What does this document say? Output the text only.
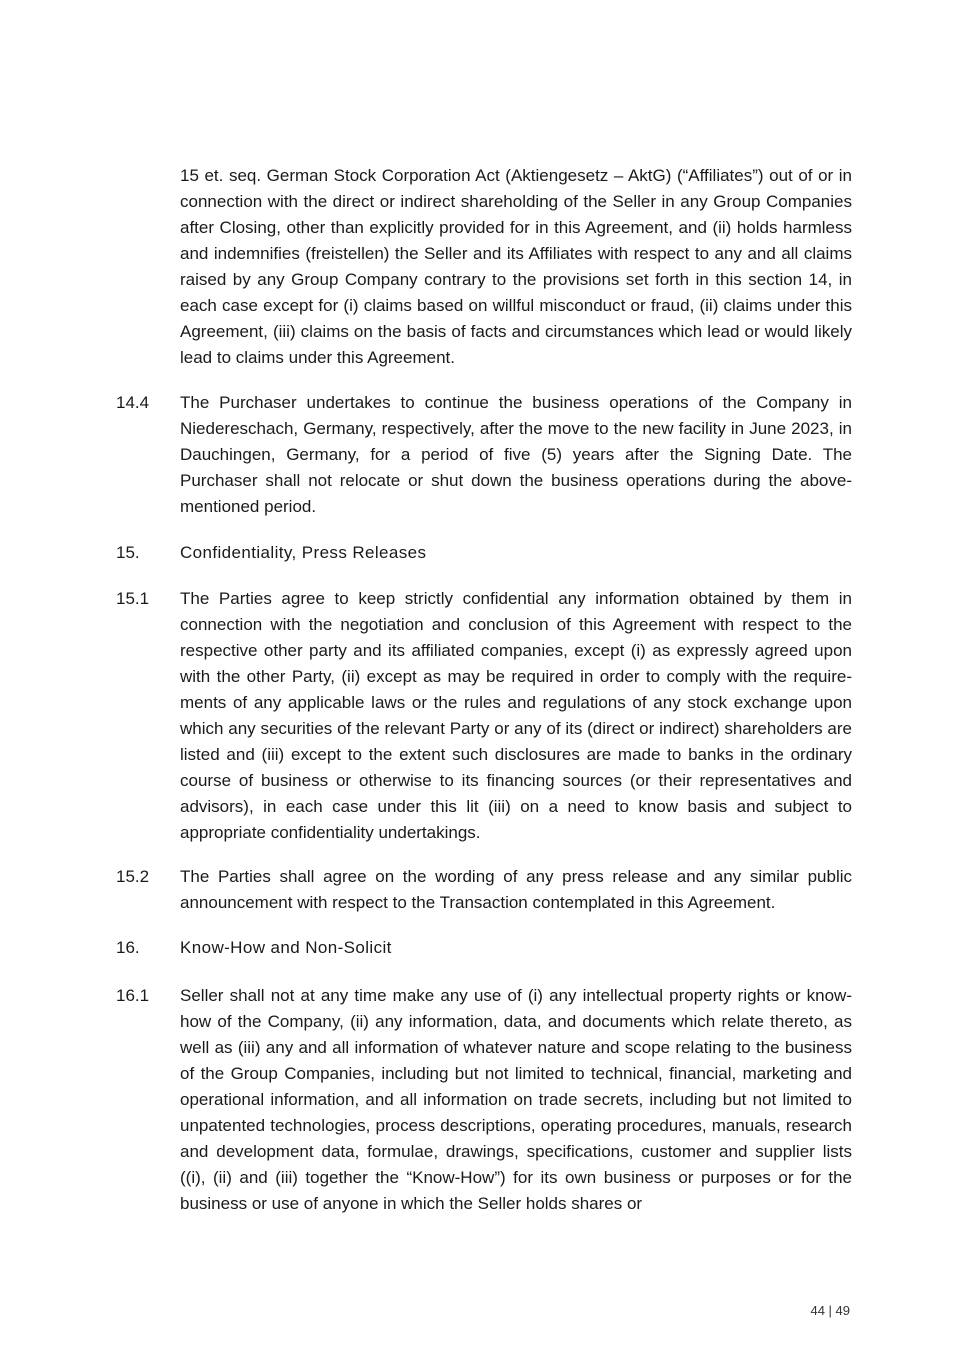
15 et. seq. German Stock Corporation Act (Aktiengesetz – AktG) (“Affiliates”) out of or in connection with the direct or indirect shareholding of the Seller in any Group Companies after Closing, other than explicitly provided for in this Agreement, and (ii) holds harmless and indemnifies (freistellen) the Seller and its Affiliates with respect to any and all claims raised by any Group Company contrary to the provisions set forth in this section 14, in each case except for (i) claims based on willful misconduct or fraud, (ii) claims under this Agreement, (iii) claims on the basis of facts and circumstances which lead or would likely lead to claims under this Agreement.
14.4	The Purchaser undertakes to continue the business operations of the Company in Niedereschach, Germany, respectively, after the move to the new facility in June 2023, in Dauchingen, Germany, for a period of five (5) years after the Signing Date. The Purchaser shall not relocate or shut down the business operations during the abovementioned period.
15.	Confidentiality, Press Releases
15.1	The Parties agree to keep strictly confidential any information obtained by them in connection with the negotiation and conclusion of this Agreement with respect to the respective other party and its affiliated companies, except (i) as expressly agreed upon with the other Party, (ii) except as may be required in order to comply with the requirements of any applicable laws or the rules and regulations of any stock exchange upon which any securities of the relevant Party or any of its (direct or indirect) shareholders are listed and (iii) except to the extent such disclosures are made to banks in the ordinary course of business or otherwise to its financing sources (or their representatives and advisors), in each case under this lit (iii) on a need to know basis and subject to appropriate confidentiality undertakings.
15.2	The Parties shall agree on the wording of any press release and any similar public announcement with respect to the Transaction contemplated in this Agreement.
16.	Know-How and Non-Solicit
16.1	Seller shall not at any time make any use of (i) any intellectual property rights or knowhow of the Company, (ii) any information, data, and documents which relate thereto, as well as (iii) any and all information of whatever nature and scope relating to the business of the Group Companies, including but not limited to technical, financial, marketing and operational information, and all information on trade secrets, including but not limited to unpatented technologies, process descriptions, operating procedures, manuals, research and development data, formulae, drawings, specifications, customer and supplier lists ((i), (ii) and (iii) together the “Know-How”) for its own business or purposes or for the business or use of anyone in which the Seller holds shares or
44 | 49
